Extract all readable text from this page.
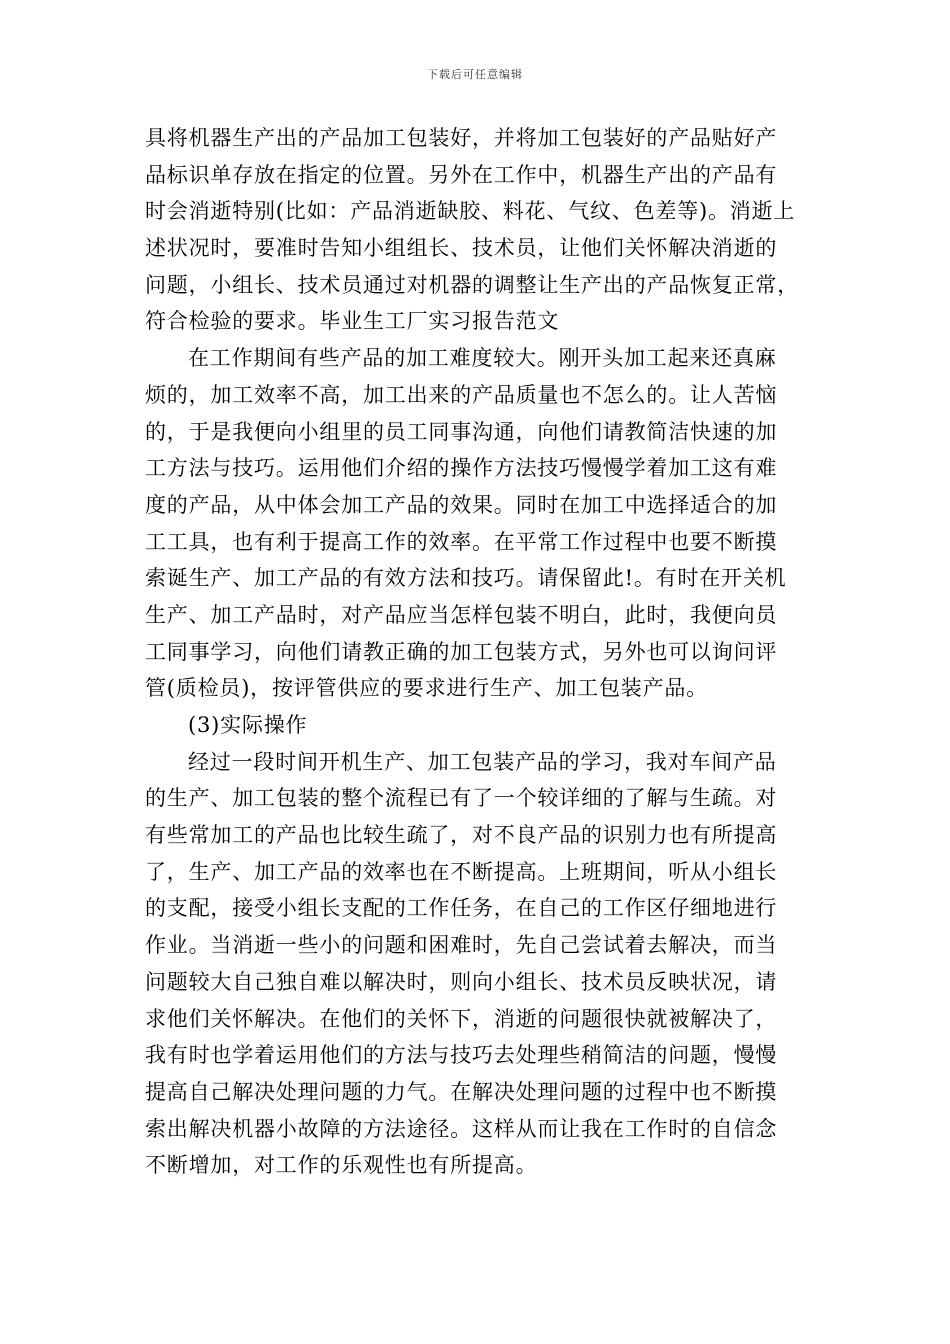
下载后可任意编辑
具将机器生产出的产品加工包装好，并将加工包装好的产品贴好产
品标识单存放在指定的位置。另外在工作中，机器生产出的产品有
时会消逝特别(比如：产品消逝缺胶、料花、气纹、色差等)。消逝上
述状况时，要准时告知小组组长、技术员，让他们关怀解决消逝的
问题，小组长、技术员通过对机器的调整让生产出的产品恢复正常，
符合检验的要求。毕业生工厂实习报告范文
在工作期间有些产品的加工难度较大。刚开头加工起来还真麻
烦的，加工效率不高，加工出来的产品质量也不怎么的。让人苦恼
的，于是我便向小组里的员工同事沟通，向他们请教简洁快速的加
工方法与技巧。运用他们介绍的操作方法技巧慢慢学着加工这有难
度的产品，从中体会加工产品的效果。同时在加工中选择适合的加
工工具，也有利于提高工作的效率。在平常工作过程中也要不断摸
索诞生产、加工产品的有效方法和技巧。请保留此!。有时在开关机
生产、加工产品时，对产品应当怎样包装不明白，此时，我便向员
工同事学习，向他们请教正确的加工包装方式，另外也可以询问评
管(质检员)，按评管供应的要求进行生产、加工包装产品。
(3)实际操作
经过一段时间开机生产、加工包装产品的学习，我对车间产品
的生产、加工包装的整个流程已有了一个较详细的了解与生疏。对
有些常加工的产品也比较生疏了，对不良产品的识别力也有所提高
了，生产、加工产品的效率也在不断提高。上班期间，听从小组长
的支配，接受小组长支配的工作任务，在自己的工作区仔细地进行
作业。当消逝一些小的问题和困难时，先自己尝试着去解决，而当
问题较大自己独自难以解决时，则向小组长、技术员反映状况，请
求他们关怀解决。在他们的关怀下，消逝的问题很快就被解决了，
我有时也学着运用他们的方法与技巧去处理些稍简洁的问题，慢慢
提高自己解决处理问题的力气。在解决处理问题的过程中也不断摸
索出解决机器小故障的方法途径。这样从而让我在工作时的自信念
不断增加，对工作的乐观性也有所提高。
